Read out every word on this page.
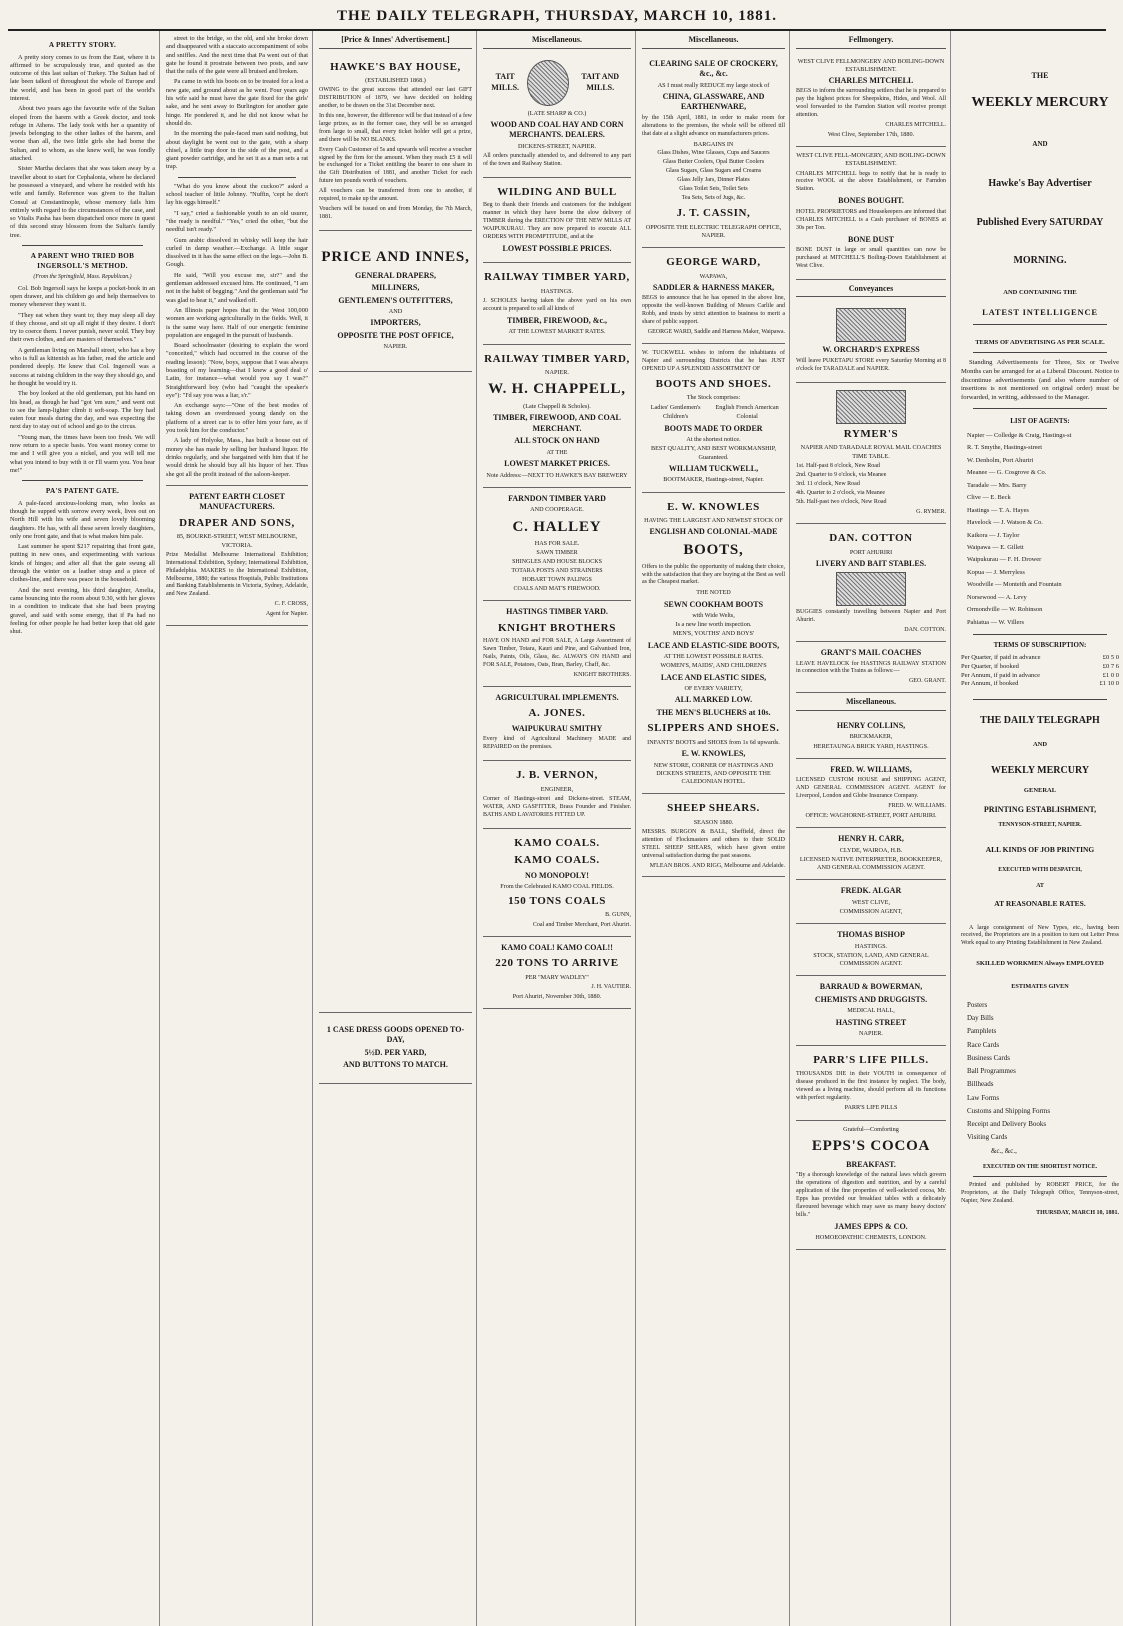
THE DAILY TELEGRAPH, THURSDAY, MARCH 10, 1881.
A PRETTY STORY.

A pretty story comes to us from the East, where it is affirmed to be scrupulously true, and quoted as the outcome of this last sultan of Turkey. The Sultan had of late been talked of throughout the whole of Europe and the world, and has been in good part of the world's interest.

About two years ago the favourite wife of the Sultan eloped from the harem with a Greek doctor, and took refuge in Athens. The lady took with her a quantity of jewels belonging to the other ladies of the harem, and worse than all, the two little girls she had borne the Sultan, and to whom, as she knew well, he was fondly attached.

Sister Martha declares that she was taken away by a traveller about to start for Cephalonia, where he declared he possessed a vineyard, and where he resided with his wife and family. Reference was given to the Italian Consul at Constantinople, whose memory fails him entirely with regard to the circumstances of the case, and so Vitalis Pasha has been dispatched once more in quest of this second stray blossom from the Sultan's family tree.

A PARENT WHO TRIED BOB INGERSOLL'S METHOD.
(From the Springfield, Mass. Republican.)

Col. Bob Ingersoll says he keeps a pocket-book in an open drawer, and his children go and help themselves to money whenever they want it.

"They eat when they want to; they may sleep all day if they choose, and sit up all night if they desire. I don't try to coerce them. I never punish, never scold. They buy their own clothes, and are masters of themselves."

A gentleman living on Marshall street, who has a boy who is full as kittenish as his father, read the article and pondered deeply. He knew that Col. Ingersoll was a success at raising children in the way they should go, and he thought he would try it.

The boy looked at the old gentleman, put his hand on his head, as though he had "got 'em sure," and went out to see the lamp-lighter climb it soft-soap. The boy had eaten four meals during the day, and was expecting the next day to stay out of school and go to the circus.

"Young man, the times have been too fresh. We will now return to a specie basis. You want money come to me and I will give you a nickel, and you will tell me what you intend to buy with it or I'll warm you. You hear me!"

PA'S PATENT GATE.

A pale-faced anxious-looking man, who looks as though he supped with sorrow every week, lives out on North Hill with his wife and seven lovely blooming daughters. He has, with all these seven lovely daughters, only one front gate, and that is what makes him pale.

Last summer he spent $217 repairing that front gate, putting in new ones, and experimenting with various kinds of hinges; and after all that the gate swung all through the winter on a leather strap and a piece of clothes-line, and there was peace in the household.

And the next evening, his third daughter, Amelia, came bouncing into the room about 9.30, with her gloves in a condition to indicate that she had been praying gravel, and said with some energy, that if Pa had no feeling for other people he had better keep that old gate shut.

street to the bridge, so the old, and she broke down and disappeared with a staccato accompaniment of sobs and sniffles. And the next time that Pa went out of that gate he found it prostrate between two posts, and saw that the rails of the gate were all bruised and broken.

Pa came in with his boots on to be treated for a lost a new gate, and ground about as he went. Four years ago his wife said he must have the gate fixed for the girls' sake, and he sent away to Burlington for another gate hinge. He pondered it, and he did not know what he should do.

In the morning the pale-faced man said nothing, but about daylight he went out to the gate, with a sharp chisel, a little trap door in the side of the post, and a giant powder cartridge, and he set it as a man sets a rat trap.

"What do you know about the cuckoo?" asked a school teacher of little Johnny. "Nuffin, 'cept he don't lay his eggs himself."

"I say," cried a fashionable youth to an old usurer, "the ready is needful." "Yes," cried the other, "but the needful isn't ready."

Gum arabic dissolved in whisky will keep the hair curled in damp weather.—Exchange. A little sugar dissolved in it has the same effect on the legs.—John B. Gough.

He said, "Will you excuse me, sir?" and the gentleman addressed excused him. He continued, "I am not in the habit of begging." And the gentleman said "he was glad to hear it," and walked off.

An Illinois paper hopes that in the West 100,000 women are working agriculturally in the fields. Well, it is the same way here. Half of our energetic feminine population are engaged in the pursuit of husbands.

Board schoolmaster (desiring to explain the word "conceited," which had occurred in the course of the reading lesson): "Now, boys, suppose that I was always boasting of my learning—that I knew a good deal o' Latin, for instance—what would you say I was?" Straightforward boy (who had "caught the speaker's eye"): "I'd say you was a liar, s'r."

An exchange says:—"One of the best modes of taking down an overdressed young dandy on the platform of a street car is to offer him your fare, as if you took him for the conductor."

A lady of Holyoke, Mass., has built a house out of money she has made by selling her husband liquor. He drinks regularly, and she bargained with him that if he would drink he should buy all his liquor of her. Thus she got all the profit instead of the saloon-keeper.

PATENT EARTH CLOSET MANUFACTURERS.
DRAPER AND SONS,
85, BOURKE-STREET, WEST MELBOURNE, VICTORIA.
Prize Medallist Melbourne International Exhibition; International Exhibition, Sydney; International Exhibition, Philadelphia. MAKERS to the International Exhibition, Melbourne, 1880; the various Hospitals, Public Institutions and Banking Establishments in Victoria, Sydney, Adelaide, and New Zealand.
C. F. CROSS,
Agent for Napier.
[Price & Innes' Advertisement.]
HAWKE'S BAY HOUSE,
(ESTABLISHED 1868.)
OWING to the great success that attended our last GIFT DISTRIBUTION of 1879, we have decided on holding another, to be drawn on the 31st December next.
In this one, however, the difference will be that instead of a few large prizes, as in the former case, they will be so arranged from large to small, that every ticket holder will get a prize, and there will be NO BLANKS.
Every Cash Customer of 5s and upwards will receive a voucher signed by the firm for the amount. When they reach £5 it will be exchanged for a Ticket entitling the bearer to one share in the Gift Distribution of 1881, and another Ticket for each future ten pounds worth of vouchers.
All vouchers can be transferred from one to another, if required, to make up the amount.
Vouchers will be issued on and from Monday, the 7th March, 1881.
PRICE AND INNES,
GENERAL DRAPERS,
MILLINERS,
GENTLEMEN'S OUTFITTERS,
AND
IMPORTERS,
OPPOSITE THE POST OFFICE,
NAPIER.
1 CASE DRESS GOODS OPENED TO-DAY,
5½D. PER YARD,
AND BUTTONS TO MATCH.
Miscellaneous.
TAIT MILLS.
TAIT AND MILLS.
(LATE SHARP & CO.)
WOOD AND COAL HAY AND CORN MERCHANTS. DEALERS.
DICKENS-STREET, NAPIER.
All orders punctually attended to, and delivered to any part of the town and Railway Station.
WILDING AND BULL
Beg to thank their friends and customers for the indulgent manner in which they have borne the slow delivery of TIMBER during the ERECTION OF THE NEW MILLS AT WAIPUKURAU. They are now prepared to execute ALL ORDERS WITH PROMPTITUDE, and at the
LOWEST POSSIBLE PRICES.
RAILWAY TIMBER YARD,
HASTINGS.
J. SCHOLES having taken the above yard on his own account is prepared to sell all kinds of
TIMBER, FIREWOOD, &c.,
AT THE LOWEST MARKET RATES.
RAILWAY TIMBER YARD,
NAPIER.
W. H. CHAPPELL,
(Late Chappell & Scholes).
TIMBER, FIREWOOD, AND COAL MERCHANT.
ALL STOCK ON HAND
AT THE
LOWEST MARKET PRICES.
Note Address:—NEXT TO HAWKE'S BAY BREWERY
FARNDON TIMBER YARD
AND COOPERAGE.
C. HALLEY
HAS FOR SALE.
SAWN TIMBER
SHINGLES AND HOUSE BLOCKS
TOTARA POSTS AND STRAINERS
HOBART TOWN PALINGS
COALS AND MAT'S FIREWOOD.
HASTINGS TIMBER YARD.
KNIGHT BROTHERS
HAVE ON HAND and FOR SALE, A Large Assortment of Sawn Timber, Totara, Kauri and Pine, and Galvanised Iron, Nails, Paints, Oils, Glass, &c. ALWAYS ON HAND and FOR SALE, Potatoes, Oats, Bran, Barley, Chaff, &c.
KNIGHT BROTHERS.
AGRICULTURAL IMPLEMENTS.
A. JONES.
WAIPUKURAU SMITHY
Every kind of Agricultural Machinery MADE and REPAIRED on the premises.
J. B. VERNON,
ENGINEER,
Corner of Hastings-street and Dickens-street. STEAM, WATER, AND GASFITTER, Brass Founder and Finisher. BATHS AND LAVATORIES FITTED UP.
KAMO COALS.
KAMO COALS.
NO MONOPOLY!
From the Celebrated KAMO COAL FIELDS.
150 TONS COALS
B. GUNN,
Coal and Timber Merchant, Port Ahuriri.
KAMO COAL! KAMO COAL!!
220 TONS TO ARRIVE
PER "MARY WADLEY"
J. H. VAUTIER.
Port Ahuriri, November 30th, 1880.
Miscellaneous.
CLEARING SALE OF CROCKERY, &c., &c.
AS I must really REDUCE my large stock of
CHINA, GLASSWARE, AND EARTHENWARE,
by the 15th April, 1881, in order to make room for alterations to the premises, the whole will be offered till that date at a slight advance on manufacturers prices.
BARGAINS IN
Glass Dishes, Wine Glasses, Cups and Saucers
Glass Butter Coolers, Opal Butter Coolers
Glass Sugars, Glass Sugars and Creams
Glass Jelly Jars, Dinner Plates
Glass Toilet Sets, Toilet Sets
Tea Sets, Sets of Jugs, &c.
J. T. CASSIN,
OPPOSITE THE ELECTRIC TELEGRAPH OFFICE, NAPIER.
GEORGE WARD,
WAPAWA,
SADDLER & HARNESS MAKER,
BEGS to announce that he has opened in the above line, opposite the well-known Building of Messrs Carlile and Robb, and trusts by strict attention to business to merit a share of public support.
GEORGE WARD, Saddle and Harness Maker, Waipawa.
W. TUCKWELL wishes to inform the inhabitants of Napier and surrounding Districts that he has JUST OPENED UP A SPLENDID ASSORTMENT OF
BOOTS AND SHOES.
The Stock comprises:
Ladies' Gentlemen's Children's
English French American Colonial
BOOTS MADE TO ORDER
At the shortest notice.
BEST QUALITY, AND BEST WORKMANSHIP, Guaranteed.
WILLIAM TUCKWELL,
BOOTMAKER, Hastings-street, Napier.
E. W. KNOWLES
HAVING THE LARGEST AND NEWEST STOCK OF
ENGLISH AND COLONIAL-MADE
BOOTS,
Offers to the public the opportunity of making their choice, with the satisfaction that they are buying at the Best as well as the Cheapest market.
THE NOTED
SEWN COOKHAM BOOTS
with Wide Welts,
Is a new line worth inspection.
MEN'S, YOUTHS' AND BOYS'
LACE AND ELASTIC-SIDE BOOTS,
AT THE LOWEST POSSIBLE RATES.
WOMEN'S, MAIDS', AND CHILDREN'S
LACE AND ELASTIC SIDES,
OF EVERY VARIETY,
ALL MARKED LOW.
THE MEN'S BLUCHERS at 10s.
SLIPPERS AND SHOES.
INFANTS' BOOTS and SHOES from 1s 6d upwards.
E. W. KNOWLES,
NEW STORE, CORNER OF HASTINGS AND DICKENS STREETS, AND OPPOSITE THE CALEDONIAN HOTEL.
SHEEP SHEARS.
SEASON 1880.
MESSRS. BURGON & BALL, Sheffield, direct the attention of Flockmasters and others to their SOLID STEEL SHEEP SHEARS, which have given entire universal satisfaction during the past seasons.
M'LEAN BROS. AND RIGG, Melbourne and Adelaide.
Fellmongery.
WEST CLIVE FELLMONGERY AND BOILING-DOWN ESTABLISHMENT.
CHARLES MITCHELL
BEGS to inform the surrounding settlers that he is prepared to pay the highest prices for Sheepskins, Hides, and Wool. All wool forwarded to the Farndon Station will receive prompt attention.
CHARLES MITCHELL.
West Clive, September 17th, 1880.
WEST CLIVE FELL-MONGERY, AND BOILING-DOWN ESTABLISHMENT.
CHARLES MITCHELL begs to notify that he is ready to receive WOOL at the above Establishment, or Farndon Station.
BONES BOUGHT.
HOTEL PROPRIETORS and Housekeepers are informed that CHARLES MITCHELL is a Cash purchaser of BONES at 30s per Ton.
BONE DUST
BONE DUST in large or small quantities can now be purchased at MITCHELL'S Boiling-Down Establishment at West Clive.
Conveyances
W. ORCHARD'S EXPRESS
Will leave PUKETAPU STORE every Saturday Morning at 8 o'clock for TARADALE and NAPIER.
RYMER'S
NAPIER AND TARADALE ROYAL MAIL COACHES
TIME TABLE.
1st. Half-past 8 o'clock, New Road
2nd. Quarter to 9 o'clock, via Meanee
3rd. 11 o'clock, New Road
4th. Quarter to 2 o'clock, via Meanee
5th. Half-past two o'clock, New Road
G. RYMER.
DAN. COTTON
PORT AHURIRI
LIVERY AND BAIT STABLES.
BUGGIES constantly travelling between Napier and Port Ahuriri.
DAN. COTTON.
GRANT'S MAIL COACHES
LEAVE HAVELOCK for HASTINGS RAILWAY STATION in connection with the Trains as follows:—
GEO. GRANT.
Miscellaneous.
HENRY COLLINS,
BRICKMAKER,
HERETAUNGA BRICK YARD, HASTINGS.
FRED. W. WILLIAMS,
LICENSED CUSTOM HOUSE and SHIPPING AGENT, AND GENERAL COMMISSION AGENT. AGENT for Liverpool, London and Globe Insurance Company.
FRED. W. WILLIAMS.
OFFICE: WAGHORNE-STREET, PORT AHURIRI.
HENRY H. CARR,
CLYDE, WAIROA, H.B.
LICENSED NATIVE INTERPRETER, BOOKKEEPER, AND GENERAL COMMISSION AGENT.
FREDK. ALGAR
WEST CLIVE,
COMMISSION AGENT,
THOMAS BISHOP
HASTINGS.
STOCK, STATION, LAND, AND GENERAL COMMISSION AGENT.
BARRAUD & BOWERMAN,
CHEMISTS AND DRUGGISTS.
MEDICAL HALL,
HASTING STREET
NAPIER.
PARR'S LIFE PILLS.
THOUSANDS DIE in their YOUTH in consequence of disease produced in the first instance by neglect. The body, viewed as a living machine, should perform all its functions with perfect regularity.
PARR'S LIFE PILLS
Grateful—Comforting
EPPS'S COCOA
BREAKFAST.
"By a thorough knowledge of the natural laws which govern the operations of digestion and nutrition, and by a careful application of the fine properties of well-selected cocoa, Mr. Epps has provided our breakfast tables with a delicately flavoured beverage which may save us many heavy doctors' bills."
JAMES EPPS & CO.
HOMOEOPATHIC CHEMISTS, LONDON.
THE
WEEKLY MERCURY
AND
Hawke's Bay Advertiser
Published Every SATURDAY
MORNING.
AND CONTAINING THE
LATEST INTELLIGENCE
TERMS OF ADVERTISING AS PER SCALE.

Standing Advertisements for Three, Six or Twelve Months can be arranged for at a Liberal Discount. Notice to discontinue advertisements (and also where number of insertions is not mentioned on original order) must be forwarded, in writing, addressed to the Manager.

LIST OF AGENTS:
Napier — Colledge & Craig, Hastings-st
R. T. Smythe, Hastings-street
W. Denholm, Port Ahuriri
Meanee — G. Cosgrove & Co.
Taradale — Mrs. Barry
Clive — E. Beck
Hastings — T. A. Hayes
Havelock — J. Watson & Co.
Kaikora — J. Taylor
Waipawa — E. Gillett
Waipukurau — F. H. Drower
Kopua — J. Merryless
Woodville — Monteith and Fountain
Norsewood — A. Levy
Ormondville — W. Robinson
Pahiatua — W. Villers
TERMS OF SUBSCRIPTION:
Per Quarter, if paid in advance	£0 5 0
Per Quarter, if booked	£0 7 6
Per Annum, if paid in advance	£1 0 0
Per Annum, if booked	£1 10 0
THE DAILY TELEGRAPH
AND
WEEKLY MERCURY
GENERAL
PRINTING ESTABLISHMENT,
TENNYSON-STREET, NAPIER.
ALL KINDS OF JOB PRINTING
EXECUTED WITH DESPATCH,
AT
AT REASONABLE RATES.

A large consignment of New Types, etc., having been received, the Proprietors are in a position to turn out Letter Press Work equal to any Printing Establishment in New Zealand.

SKILLED WORKMEN Always EMPLOYED
ESTIMATES GIVEN
Posters
Day Bills
Pamphlets
Race Cards
Business Cards
Ball Programmes
Billheads
Law Forms
Customs and Shipping Forms
Receipt and Delivery Books
Visiting Cards
&c., &c.,
EXECUTED ON THE SHORTEST NOTICE.

Printed and published by ROBERT PRICE, for the Proprietors, at the Daily Telegraph Office, Tennyson-street, Napier, New Zealand.

THURSDAY, MARCH 10, 1881.
